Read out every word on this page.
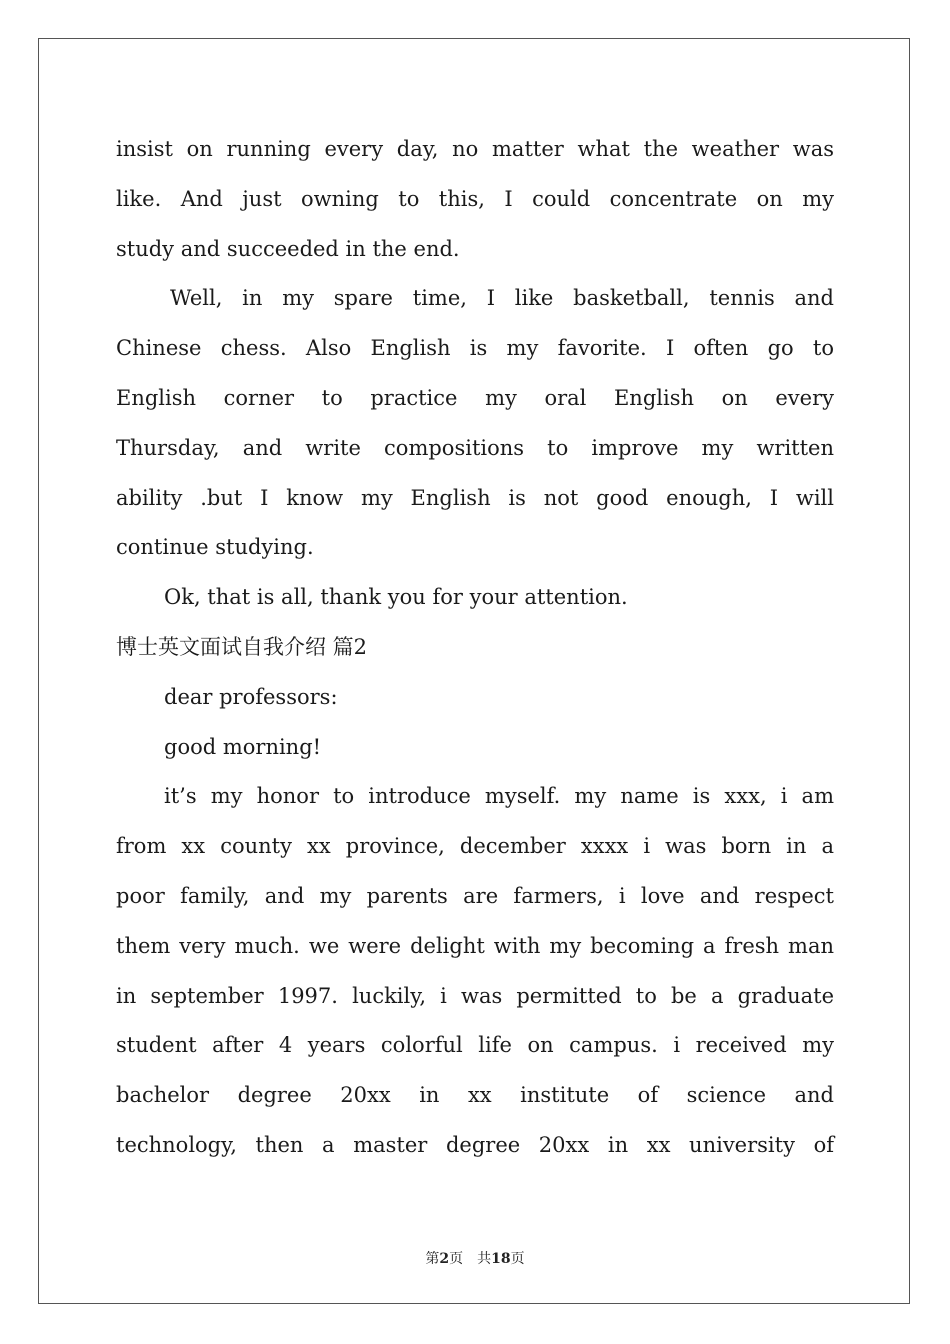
insist on running every day, no matter what the weather was
like. And just owning to this, I could concentrate on my
study and succeeded in the end.
Well, in my spare time, I like basketball, tennis and
Chinese chess. Also English is my favorite. I often go to
English corner to practice my oral English on every
Thursday, and write compositions to improve my written
ability .but I know my English is not good enough, I will
continue studying.
Ok, that is all, thank you for your attention.
博士英文面试自我介绍 篇2
dear professors:
good morning!
it’s my honor to introduce myself. my name is xxx, i am
from xx county xx province, december xxxx i was born in a
poor family, and my parents are farmers, i love and respect
them very much. we were delight with my becoming a fresh man
in september 1997. luckily, i was permitted to be a graduate
student after 4 years colorful life on campus. i received my
bachelor degree 20xx in xx institute of science and
technology, then a master degree 20xx in xx university of
第2页 共18页
